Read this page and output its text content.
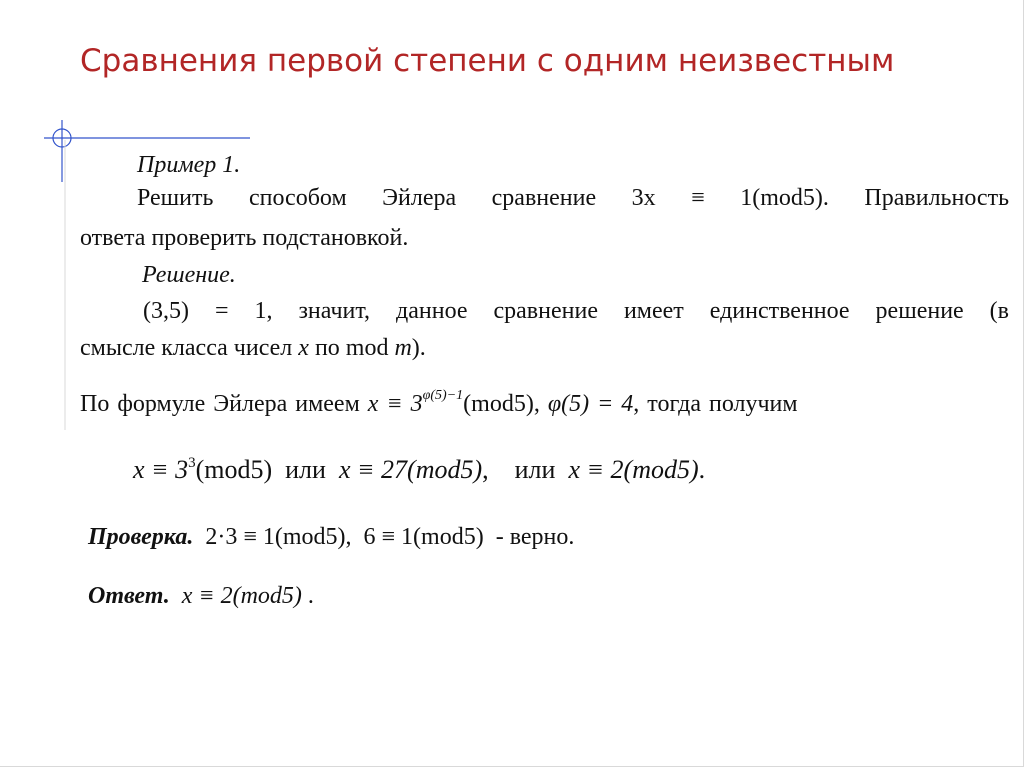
Сравнения первой степени с одним неизвестным
Пример 1.
Решить способом Эйлера сравнение 3x ≡ 1(mod5). Правильность
ответа проверить подстановкой.
Решение.
(3,5) = 1, значит, данное сравнение имеет единственное решение (в
смысле класса чисел x по mod m).
По формуле Эйлера имеем $x \equiv 3^{\varphi(5)-1}(mod5)$, φ(5) = 4, тогда получим
$x \equiv 3^3(mod5)$ или x ≡ 27(mod5), или x ≡ 2(mod5).
Проверка. 2·3 ≡ 1(mod5), 6 ≡ 1(mod5) - верно.
Ответ. x ≡ 2(mod5) .
